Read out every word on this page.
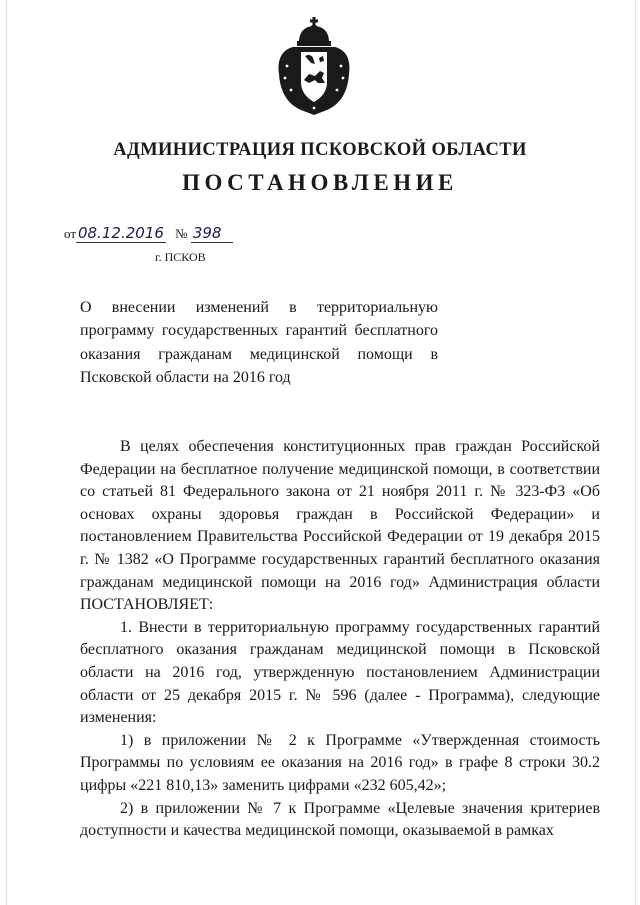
АДМИНИСТРАЦИЯ ПСКОВСКОЙ ОБЛАСТИ
ПОСТАНОВЛЕНИЕ
от 08.12.2016 № 398
г. ПСКОВ
О внесении изменений в территориальную программу государственных гарантий бесплатного оказания гражданам медицинской помощи в Псковской области на 2016 год

В целях обеспечения конституционных прав граждан Российской Федерации на бесплатное получение медицинской помощи, в соответствии со статьей 81 Федерального закона от 21 ноября 2011 г. № 323-ФЗ «Об основах охраны здоровья граждан в Российской Федерации» и постановлением Правительства Российской Федерации от 19 декабря 2015 г. № 1382 «О Программе государственных гарантий бесплатного оказания гражданам медицинской помощи на 2016 год» Администрация области ПОСТАНОВЛЯЕТ:

1. Внести в территориальную программу государственных гарантий бесплатного оказания гражданам медицинской помощи в Псковской области на 2016 год, утвержденную постановлением Администрации области от 25 декабря 2015 г. № 596 (далее - Программа), следующие изменения:

1) в приложении № 2 к Программе «Утвержденная стоимость Программы по условиям ее оказания на 2016 год» в графе 8 строки 30.2 цифры «221 810,13» заменить цифрами «232 605,42»;

2) в приложении № 7 к Программе «Целевые значения критериев доступности и качества медицинской помощи, оказываемой в рамках
